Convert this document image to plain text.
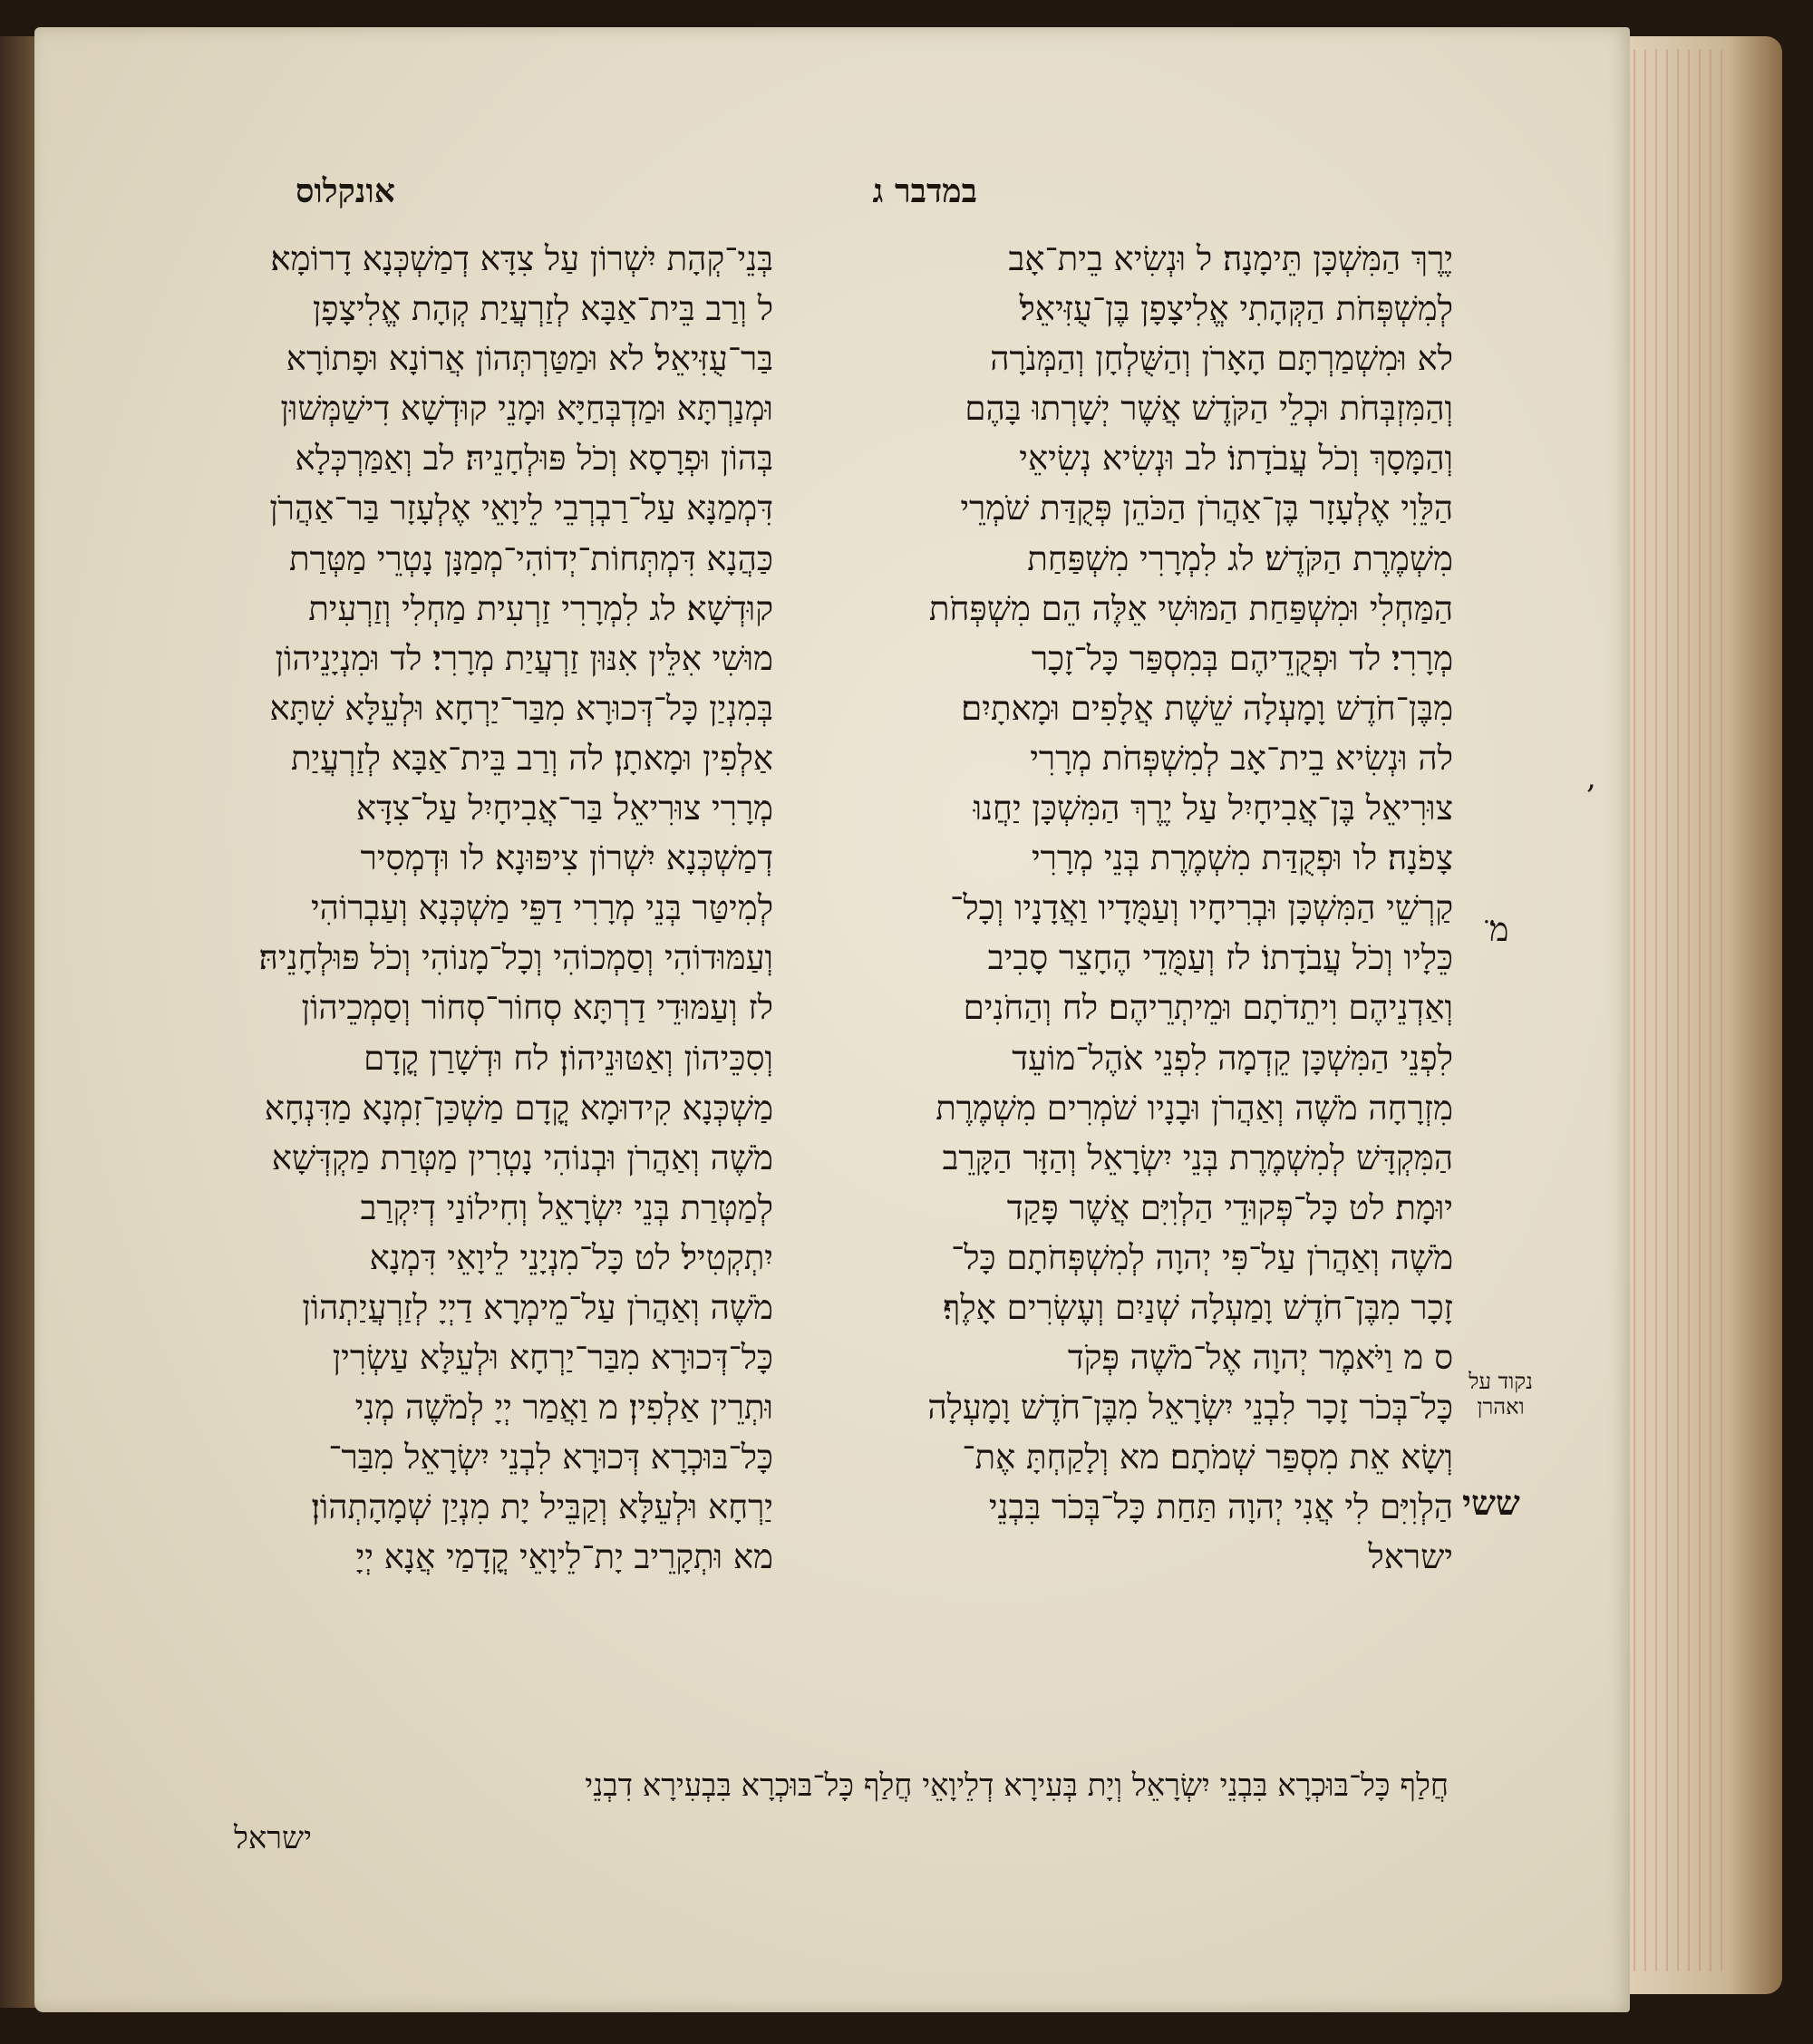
במדבר ג
אונקלוס
יֶרֶךְ הַמִּשְׁכָּן תֵּימָנָה׃ ל וּנְשִׂיא בֵית־אָב
לְמִשְׁפְּחֹת הַקְּהָתִי אֱלִיצָפָן בֶּן־עֻזִּיאֵל׃
לא וּמִשְׁמַרְתָּם הָאָרֹן וְהַשֻּׁלְחָן וְהַמְּנֹרָה
וְהַמִּזְבְּחֹת וּכְלֵי הַקֹּדֶשׁ אֲשֶׁר יְשָׁרְתוּ בָּהֶם
וְהַמָּסָךְ וְכֹל עֲבֹדָתוֹ׃ לב וּנְשִׂיא נְשִׂיאֵי
הַלֵּוִי אֶלְעָזָר בֶּן־אַהֲרֹן הַכֹּהֵן פְּקֻדַּת שֹׁמְרֵי
מִשְׁמֶרֶת הַקֹּדֶשׁ׃ לג לִמְרָרִי מִשְׁפַּחַת
הַמַּחְלִי וּמִשְׁפַּחַת הַמּוּשִׁי אֵלֶּה הֵם מִשְׁפְּחֹת
מְרָרִי׃ לד וּפְקֻדֵיהֶם בְּמִסְפַּר כָּל־זָכָר
מִבֶּן־חֹדֶשׁ וָמָעְלָה שֵׁשֶׁת אֲלָפִים וּמָאתָיִם׃
לה וּנְשִׂיא בֵית־אָב לְמִשְׁפְּחֹת מְרָרִי
צוּרִיאֵל בֶּן־אֲבִיחָיִל עַל יֶרֶךְ הַמִּשְׁכָּן יַחֲנוּ
צָפֹנָה׃ לו וּפְקֻדַּת מִשְׁמֶרֶת בְּנֵי מְרָרִי
קַרְשֵׁי הַמִּשְׁכָּן וּבְרִיחָיו וְעַמֻּדָיו וַאֲדָנָיו וְכָל־
כֵּלָיו וְכֹל עֲבֹדָתוֹ׃ לז וְעַמֻּדֵי הֶחָצֵר סָבִיב
וְאַדְנֵיהֶם וִיתֵדֹתָם וּמֵיתְרֵיהֶם׃ לח וְהַחֹנִים
לִפְנֵי הַמִּשְׁכָּן קֵדְמָה לִפְנֵי אֹהֶל־מוֹעֵד
מִזְרָחָה מֹשֶׁה וְאַהֲרֹן וּבָנָיו שֹׁמְרִים מִשְׁמֶרֶת
הַמִּקְדָּשׁ לְמִשְׁמֶרֶת בְּנֵי יִשְׂרָאֵל וְהַזָּר הַקָּרֵב
יוּמָת׃ לט כָּל־פְּקוּדֵי הַלְוִיִּם אֲשֶׁר פָּקַד
מֹשֶׁה וְאַהֲרֹן עַל־פִּי יְהוָה לְמִשְׁפְּחֹתָם כָּל־
זָכָר מִבֶּן־חֹדֶשׁ וָמַעְלָה שְׁנַיִם וְעֶשְׂרִים אָלֶף׃
ס מ וַיֹּאמֶר יְהוָה אֶל־מֹשֶׁה פְּקֹד
כָּל־בְּכֹר זָכָר לִבְנֵי יִשְׂרָאֵל מִבֶּן־חֹדֶשׁ וָמָעְלָה
וְשָׂא אֵת מִסְפַּר שְׁמֹתָם׃ מא וְלָקַחְתָּ אֶת־
הַלְוִיִּם לִי אֲנִי יְהוָה תַּחַת כָּל־בְּכֹר בִּבְנֵי
ישראל
בְּנֵי־קְהָת יִשְׁרוֹן עַל צִדָּא דְמַשְׁכְּנָא דָרוֹמָא׃
ל וְרַב בֵּית־אַבָּא לְזַרְעֲיַת קְהָת אֱלִיצָפָן
בַּר־עֻזִּיאֵל׃ לא וּמַטַּרְתְּהוֹן אֲרוֹנָא וּפָתוֹרָא
וּמְנַרְתָּא וּמַדְבְּחַיָּא וּמָנֵי קוּדְשָׁא דִישַׁמְּשׁוּן
בְּהוֹן וּפְרָסָא וְכֹל פּוּלְחָנֵיהּ׃ לב וְאַמַּרְכְּלָא
דִּמְמַנָּא עַל־רַבְרְבֵי לֵיוָאֵי אֶלְעָזָר בַּר־אַהֲרֹן
כַּהֲנָא דִּמְתְּחוֹת־יְדוֹהִי־מְמַנָּן נָטְרֵי מַטְּרַת
קוּדְשָׁא׃ לג לִמְרָרִי זַרְעִית מַחְלִי וְזַרְעִית
מוּשִׁי אִלֵּין אִנּוּן זַרְעֲיַת מְרָרִי׃ לד וּמִנְיָנֵיהוֹן
בְּמִנְיַן כָּל־דְּכוּרָא מִבַּר־יַרְחָא וּלְעֵלָּא שִׁתָּא
אַלְפִין וּמָאתָן׃ לה וְרַב בֵּית־אַבָּא לְזַרְעֲיַת
מְרָרִי צוּרִיאֵל בַּר־אֲבִיחָיִל עַל־צִדָּא
דְמַשְׁכְּנָא יִשְׁרוֹן צִיפּוּנָא׃ לו וּדְמְסִיר
לְמִיטַּר בְּנֵי מְרָרִי דַפֵּי מַשְׁכְּנָא וְעַבְרוֹהִי
וְעַמּוּדוֹהִי וְסַמְכוֹהִי וְכָל־מָנוֹהִי וְכֹל פּוּלְחָנֵיהּ׃
לז וְעַמּוּדֵי דַרְתָּא סְחוֹר־סְחוֹר וְסַמְכֵיהוֹן
וְסִכֵּיהוֹן וְאַטּוּנֵיהוֹן׃ לח וּדְשָׁרַן קֳדָם
מַשְׁכְּנָא קִידוּמָא קֳדָם מַשְׁכַּן־זִמְנָא מַדִּנְחָא
מֹשֶׁה וְאַהֲרֹן וּבְנוֹהִי נָטְרִין מַטְּרַת מַקְדְּשָׁא
לְמַטְּרַת בְּנֵי יִשְׂרָאֵל וְחִילוֹנַי דְיִקְרַב
יִתְקְטִיל׃ לט כָּל־מִנְיָנֵי לֵיוָאֵי דִּמְנָא
מֹשֶׁה וְאַהֲרֹן עַל־מֵימְרָא דַיְיָ לְזַרְעֲיַתְהוֹן
כָּל־דְּכוּרָא מִבַּר־יַרְחָא וּלְעֵלָּא עַשְׂרִין
וּתְרֵין אַלְפִין׃ מ וַאֲמַר יְיָ לְמֹשֶׁה מְנִי
כָּל־בּוּכְרָא דְּכוּרָא לִבְנֵי יִשְׂרָאֵל מִבַּר־
יַרְחָא וּלְעֵלָּא וְקַבֵּיל יָת מִנְיַן שְׁמָהָתְהוֹן׃
מא וּתְקָרֵיב יָת־לֵיוָאֵי קֳדָמַי אֲנָא יְיָ
חֲלַף כָּל־בּוּכְרָא בִּבְנֵי יִשְׂרָאֵל וְיָת בְּעִירָא דְלֵיוָאֵי חֲלַף כָּל־בּוּכְרָא בִּבְעִירָא דִבְנֵי
ישראל
מ̈
נקוד על ואהרן
ששי
,
